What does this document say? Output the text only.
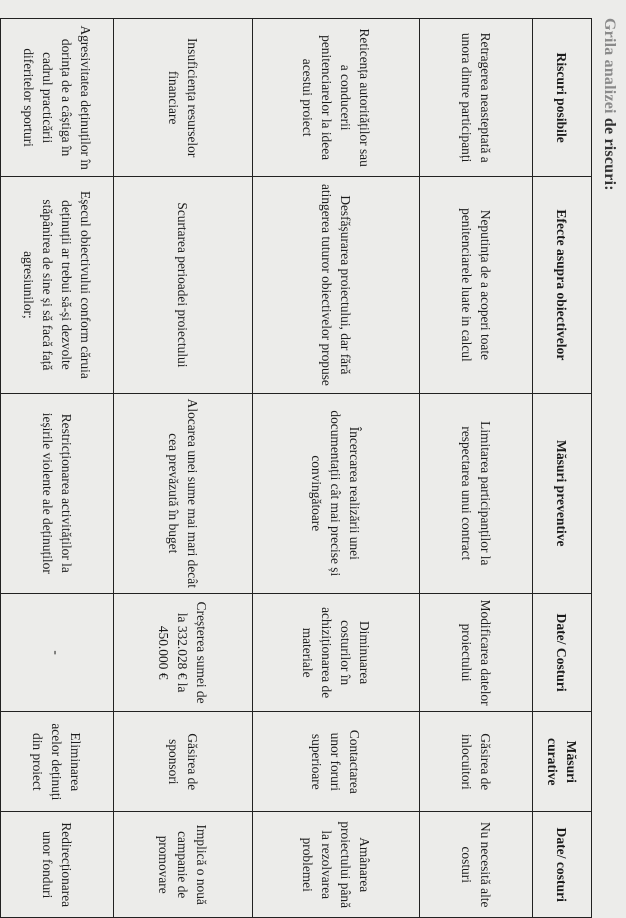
Grila analizei de riscuri:
Riscuri posibile	Efecte asupra obiectivelor	Măsuri preventive	Date/ Costuri	Măsuri curative	Date/ costuri
Retragerea neasteptată a unora dintre participanți	Neputința de a acoperi toate penitenciarele luate in calcul	Limitarea participanților la respectarea unui contract	Modificarea datelor proiectului	Găsirea de inlocuitori	Nu necesită alte costuri
Reticența autorităților sau a conducerii penitenciarelor la ideea acestui proiect	Desfășurarea proiectului, dar fără atingerea tuturor obiectivelor propuse	Încercarea realizării unei documentații cât mai precise și convingătoare	Diminuarea costurilor în achiziționarea de materiale	Contactarea unor foruri superioare	Amânarea proiectului până la rezolvarea problemei
Insuficiența resurselor financiare	Scurtarea perioadei proiectului	Alocarea unei sume mai mari decât cea prevăzută în buget	Creșterea sumei de la 332.028 € la 450.000 €	Găsirea de sponsori	Implică o nouă campanie de promovare
Agresivitatea deținuților în dorința de a câștiga în cadrul practicării diferitelor sporturi	Eșecul obiectivului conform căruia deținuții ar trebui să-și dezvolte stăpânirea de sine și să facă față agresiunilor;	Restricționarea activităților la ieșirile violente ale deținuților	-	Eliminarea acelor deținuți din proiect	Redirecționarea unor fonduri
